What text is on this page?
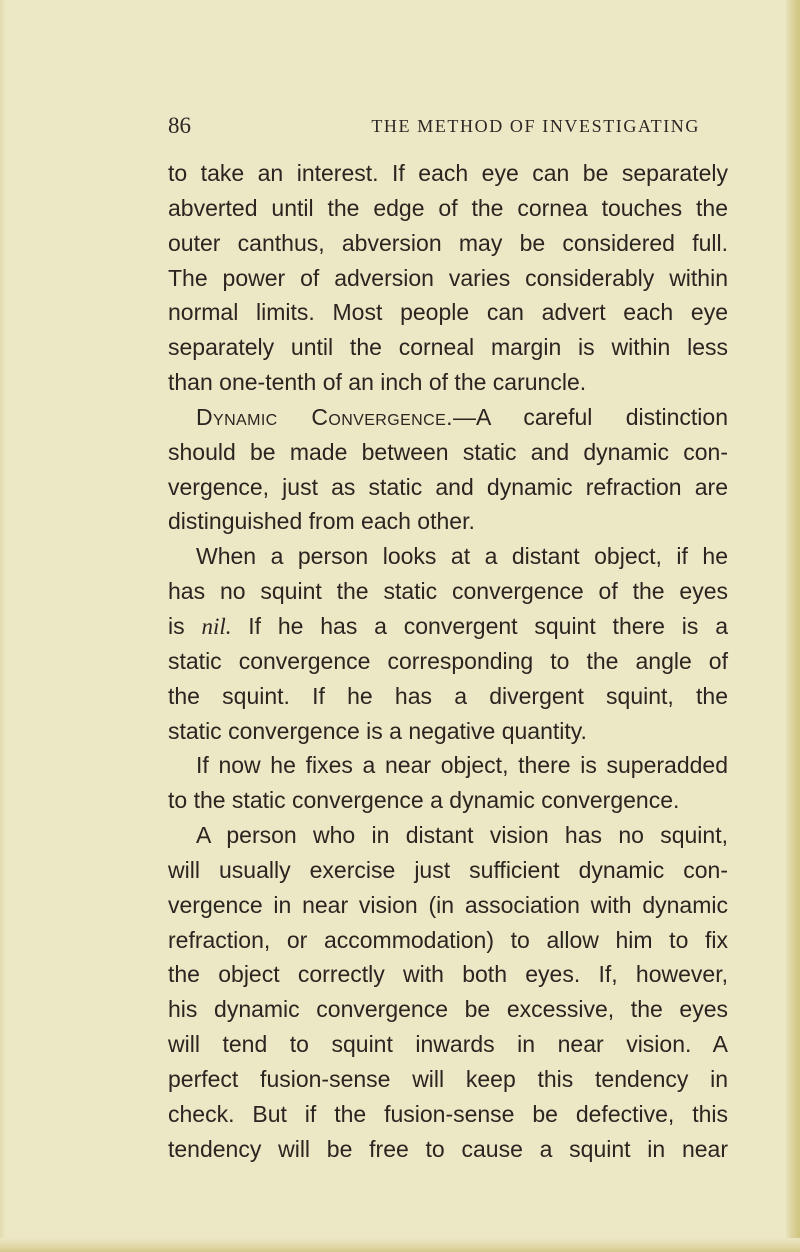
86	THE METHOD OF INVESTIGATING
to take an interest. If each eye can be separately
abverted until the edge of the cornea touches the
outer canthus, abversion may be considered full.
The power of adversion varies considerably within
normal limits. Most people can advert each eye
separately until the corneal margin is within less
than one-tenth of an inch of the caruncle.
Dynamic Convergence.—A careful distinction
should be made between static and dynamic con-
vergence, just as static and dynamic refraction are
distinguished from each other.
When a person looks at a distant object, if he
has no squint the static convergence of the eyes
is nil. If he has a convergent squint there is a
static convergence corresponding to the angle of
the squint. If he has a divergent squint, the
static convergence is a negative quantity.
If now he fixes a near object, there is superadded
to the static convergence a dynamic convergence.
A person who in distant vision has no squint,
will usually exercise just sufficient dynamic con-
vergence in near vision (in association with dynamic
refraction, or accommodation) to allow him to fix
the object correctly with both eyes. If, however,
his dynamic convergence be excessive, the eyes
will tend to squint inwards in near vision. A
perfect fusion-sense will keep this tendency in
check. But if the fusion-sense be defective, this
tendency will be free to cause a squint in near
